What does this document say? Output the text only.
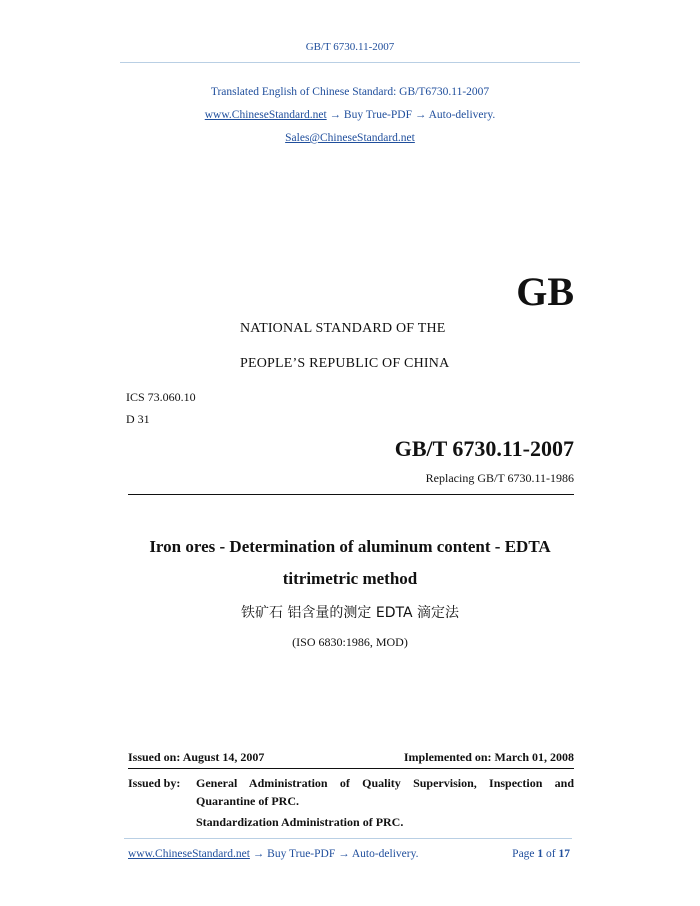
GB/T 6730.11-2007
Translated English of Chinese Standard: GB/T6730.11-2007
www.ChineseStandard.net → Buy True-PDF → Auto-delivery.
Sales@ChineseStandard.net
GB
NATIONAL STANDARD OF THE
PEOPLE’S REPUBLIC OF CHINA
ICS 73.060.10
D 31
GB/T 6730.11-2007
Replacing GB/T 6730.11-1986
Iron ores - Determination of aluminum content - EDTA
titrimetric method
铁矿石 铝含量的测定 EDTA 滴定法
(ISO 6830:1986, MOD)
Issued on: August 14, 2007	Implemented on: March 01, 2008
Issued by: General Administration of Quality Supervision, Inspection and
Quarantine of PRC.
Standardization Administration of PRC.
www.ChineseStandard.net → Buy True-PDF → Auto-delivery.	Page 1 of 17
